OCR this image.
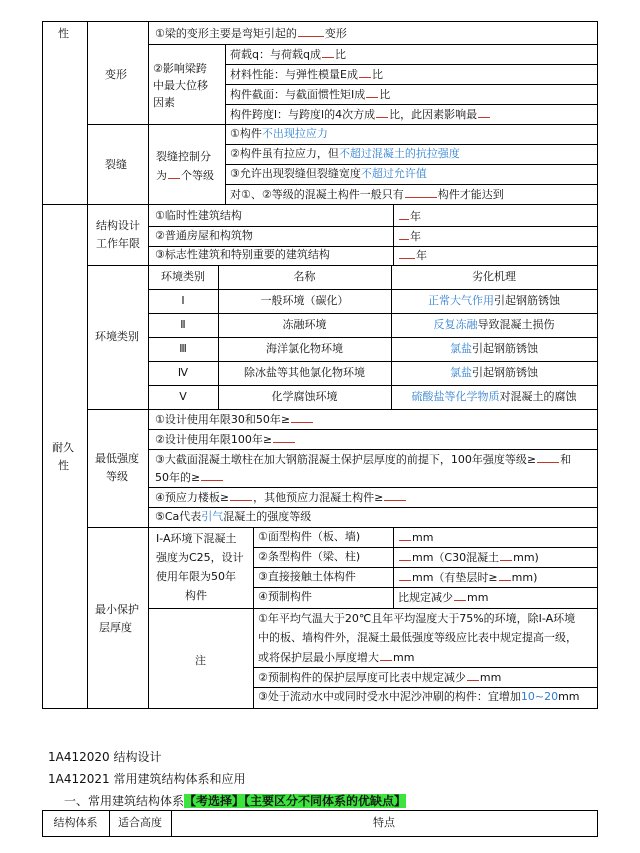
性
变形
①梁的变形主要是弯矩引起的	变形
②影响梁跨
中最大位移
因素
荷载q：与荷载q成 比
材料性能：与弹性模量E成 比
构件截面：与截面惯性矩I成 比
构件跨度l：与跨度l的4次方成 比，此因素影响最
裂缝
裂缝控制分
为 个等级
①构件不出现拉应力
②构件虽有拉应力，但不超过混凝土的抗拉强度
③允许出现裂缝但裂缝宽度不超过允许值
对①、②等级的混凝土构件一般只有	构件才能达到
耐久
性
结构设计
工作年限
①临时性建筑结构	年
②普通房屋和构筑物	年
③标志性建筑和特别重要的建筑结构	年
环境类别
环境类别	名称	劣化机理
Ⅰ	一般环境（碳化）	正常大气作用引起钢筋锈蚀
Ⅱ	冻融环境	反复冻融导致混凝土损伤
Ⅲ	海洋氯化物环境	氯盐引起钢筋锈蚀
Ⅳ	除冰盐等其他氯化物环境	氯盐引起钢筋锈蚀
Ⅴ	化学腐蚀环境	硫酸盐等化学物质对混凝土的腐蚀
最低强度
等级
①设计使用年限30和50年≥
②设计使用年限100年≥
③大截面混凝土墩柱在加大钢筋混凝土保护层厚度的前提下，100年强度等级≥ 和
50年的≥
④预应力楼板≥ ，其他预应力混凝土构件≥
⑤Ca代表引气混凝土的强度等级
最小保护
层厚度
Ⅰ-A环境下混凝土
强度为C25，设计
使用年限为50年
构件
①面型构件（板、墙)	mm
②条型构件（梁、柱)	mm（C30混凝土 mm)
③直接接触土体构件	mm（有垫层时≥ mm)
④预制构件	比规定减少 mm
注
①年平均气温大于20℃且年平均湿度大于75%的环境，除Ⅰ-A环境
中的板、墙构件外，混凝土最低强度等级应比表中规定提高一级，
或将保护层最小厚度增大 mm
②预制构件的保护层厚度可比表中规定减少 mm
③处于流动水中或同时受水中泥沙冲刷的构件：宜增加10~20mm
1A412020 结构设计
1A412021 常用建筑结构体系和应用
一、常用建筑结构体系【考选择】【主要区分不同体系的优缺点】
结构体系	适合高度	特点
